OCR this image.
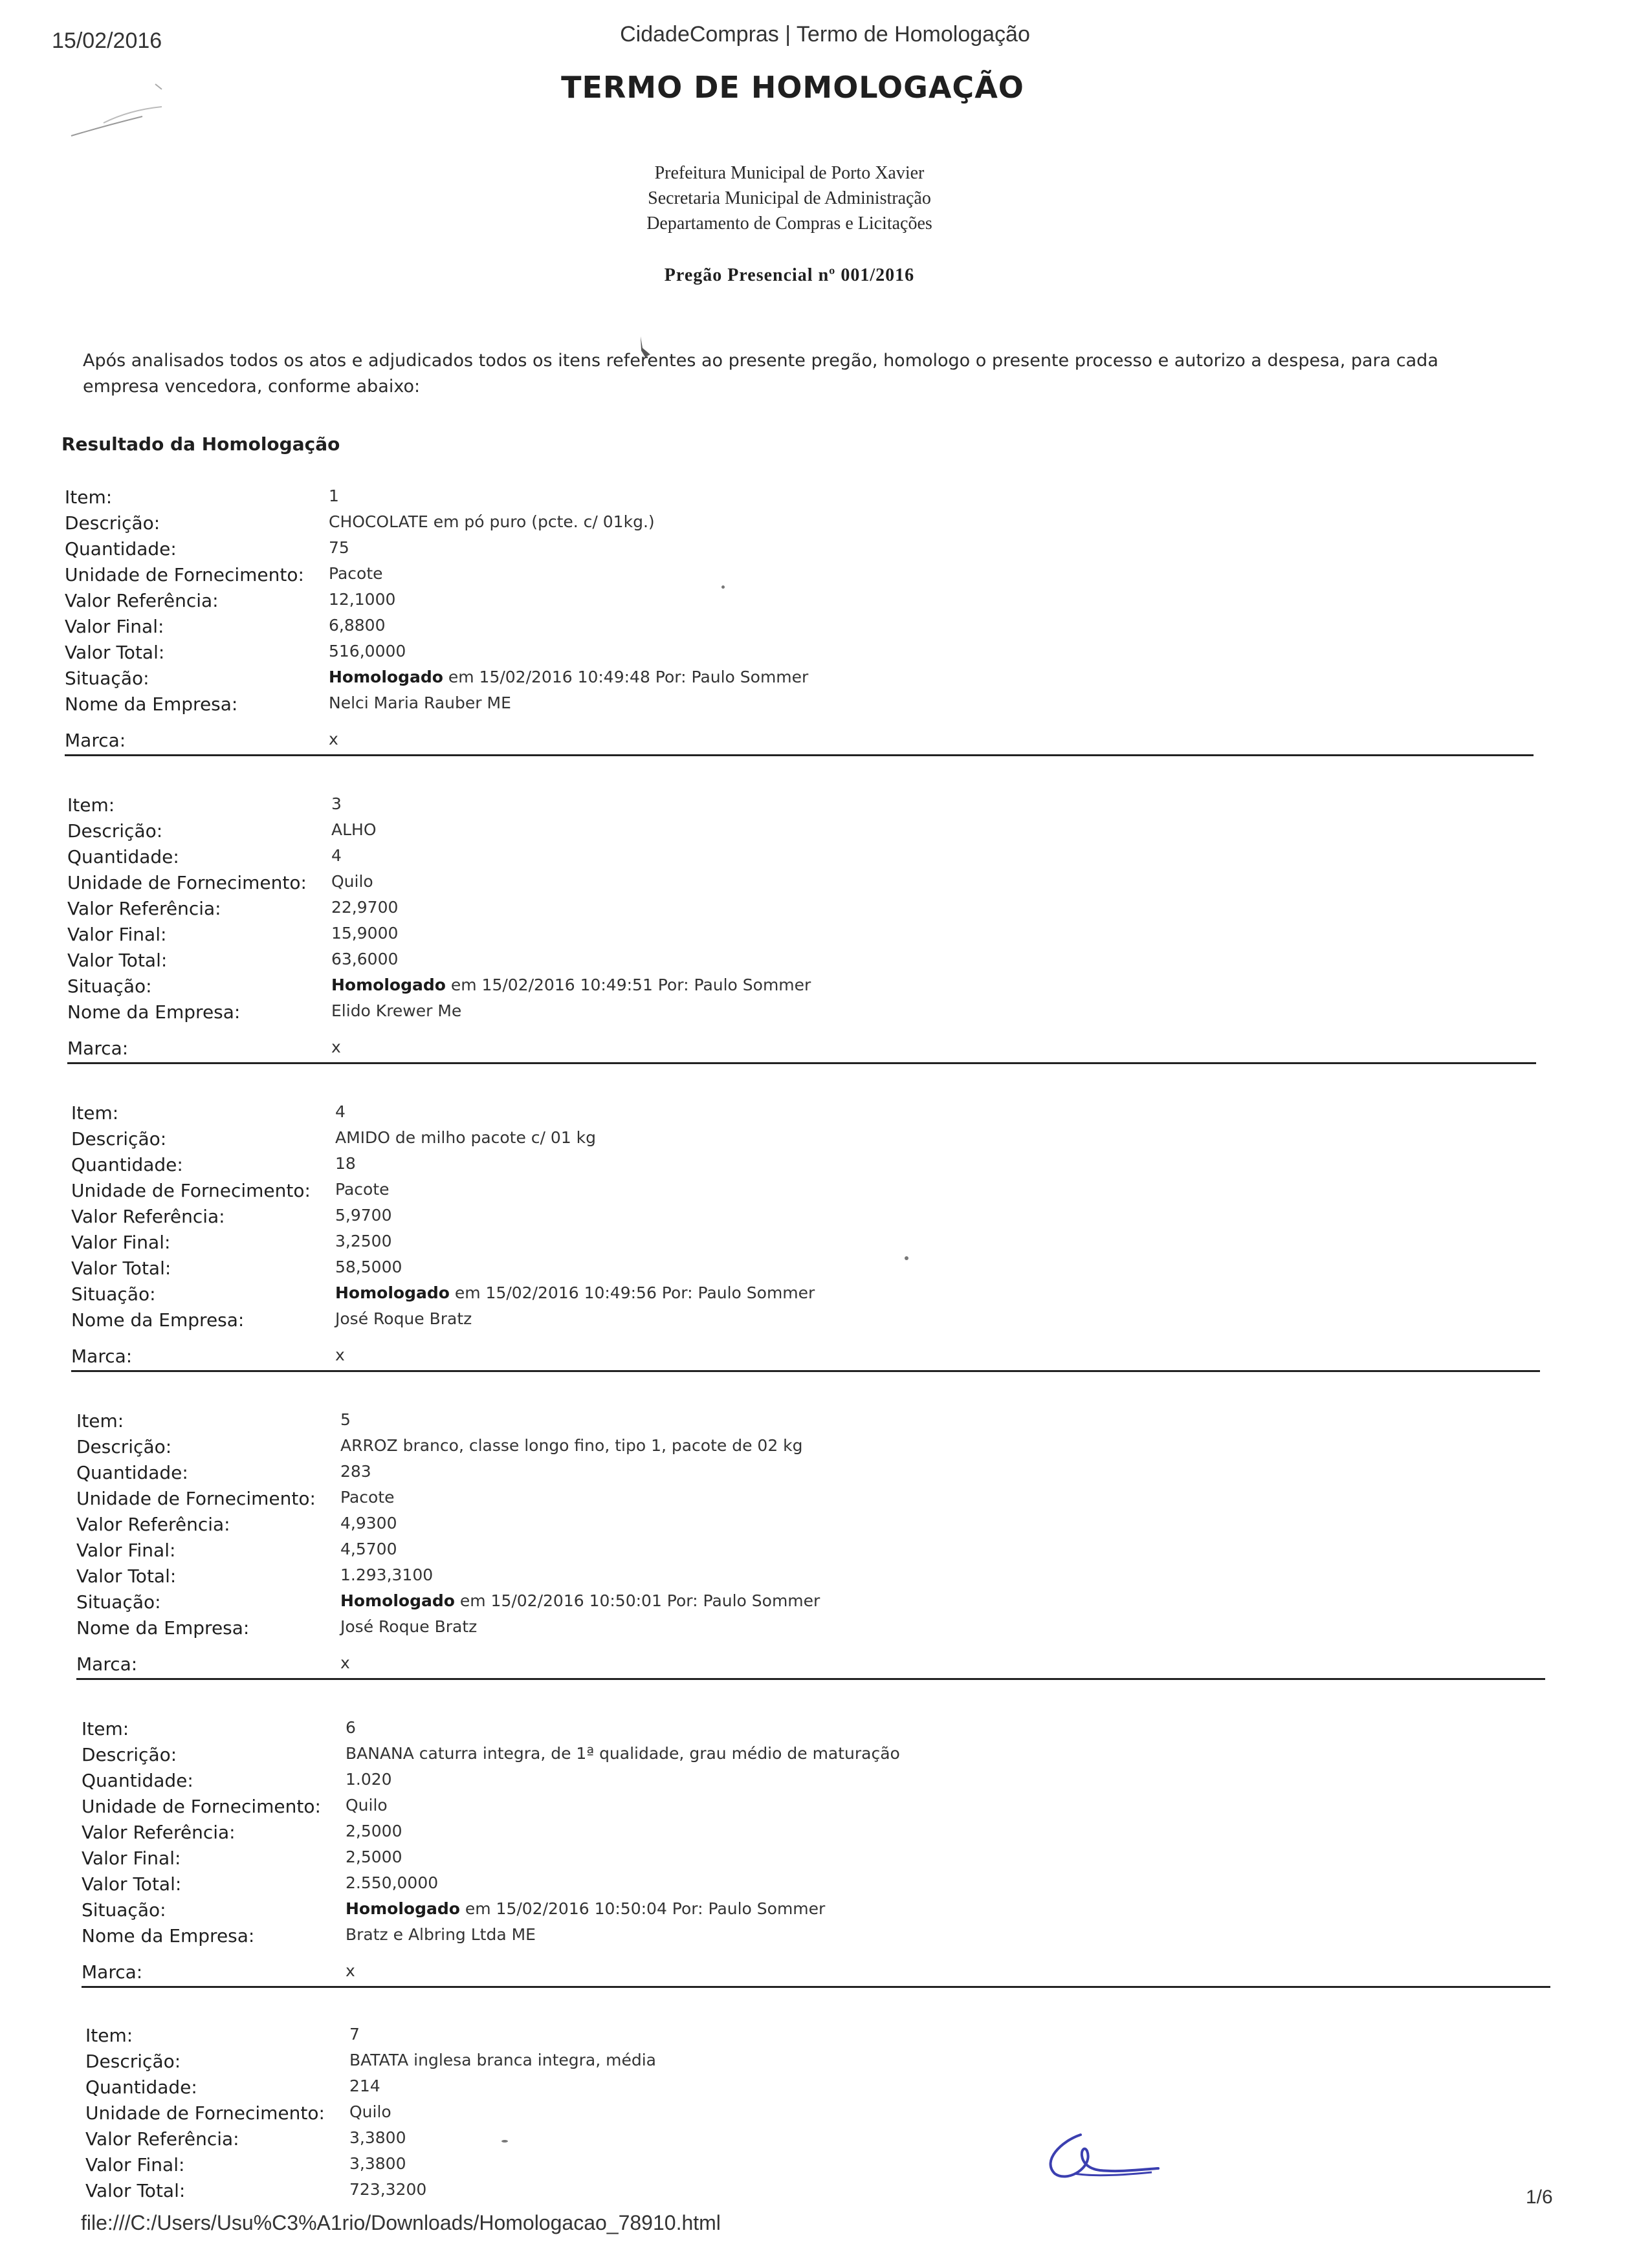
15/02/2016	CidadeCompras | Termo de Homologação
TERMO DE HOMOLOGAÇÃO
Prefeitura Municipal de Porto Xavier
Secretaria Municipal de Administração
Departamento de Compras e Licitações
Pregão Presencial nº 001/2016
Após analisados todos os atos e adjudicados todos os itens referentes ao presente pregão, homologo o presente processo e autorizo a despesa, para cada empresa vencedora, conforme abaixo:
Resultado da Homologação
Item:	1
Descrição:	CHOCOLATE em pó puro (pcte. c/ 01kg.)
Quantidade:	75
Unidade de Fornecimento: Pacote
Valor Referência:	12,1000
Valor Final:	6,8800
Valor Total:	516,0000
Situação:	Homologado em 15/02/2016 10:49:48 Por: Paulo Sommer
Nome da Empresa:	Nelci Maria Rauber ME
Marca:	x
Item:	3
Descrição:	ALHO
Quantidade:	4
Unidade de Fornecimento: Quilo
Valor Referência:	22,9700
Valor Final:	15,9000
Valor Total:	63,6000
Situação:	Homologado em 15/02/2016 10:49:51 Por: Paulo Sommer
Nome da Empresa:	Elido Krewer Me
Marca:	x
Item:	4
Descrição:	AMIDO de milho pacote c/ 01 kg
Quantidade:	18
Unidade de Fornecimento: Pacote
Valor Referência:	5,9700
Valor Final:	3,2500
Valor Total:	58,5000
Situação:	Homologado em 15/02/2016 10:49:56 Por: Paulo Sommer
Nome da Empresa:	José Roque Bratz
Marca:	x
Item:	5
Descrição:	ARROZ branco, classe longo fino, tipo 1, pacote de 02 kg
Quantidade:	283
Unidade de Fornecimento: Pacote
Valor Referência:	4,9300
Valor Final:	4,5700
Valor Total:	1.293,3100
Situação:	Homologado em 15/02/2016 10:50:01 Por: Paulo Sommer
Nome da Empresa:	José Roque Bratz
Marca:	x
Item:	6
Descrição:	BANANA caturra integra, de 1ª qualidade, grau médio de maturação
Quantidade:	1.020
Unidade de Fornecimento: Quilo
Valor Referência:	2,5000
Valor Final:	2,5000
Valor Total:	2.550,0000
Situação:	Homologado em 15/02/2016 10:50:04 Por: Paulo Sommer
Nome da Empresa:	Bratz e Albring Ltda ME
Marca:	x
Item:	7
Descrição:	BATATA inglesa branca integra, média
Quantidade:	214
Unidade de Fornecimento: Quilo
Valor Referência:	3,3800
Valor Final:	3,3800
Valor Total:	723,3200
file:///C:/Users/Usu%C3%A1rio/Downloads/Homologacao_78910.html
1/6
